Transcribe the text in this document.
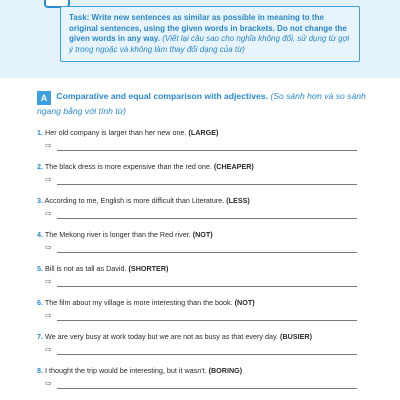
Task: Write new sentences as similar as possible in meaning to the original sentences, using the given words in brackets. Do not change the given words in any way. (Viết lại câu sao cho nghĩa không đổi, sử dụng từ gợi ý trong ngoặc và không làm thay đổi dạng của từ)
A Comparative and equal comparison with adjectives. (So sánh hơn và so sánh ngang bằng với tính từ)
1. Her old company is larger than her new one. (LARGE)
⇨
2. The black dress is more expensive than the red one. (CHEAPER)
⇨
3. According to me, English is more difficult than Literature. (LESS)
⇨
4. The Mekong river is longer than the Red river. (NOT)
⇨
5. Bill is not as tall as David. (SHORTER)
⇨
6. The film about my village is more interesting than the book. (NOT)
⇨
7. We are very busy at work today but we are not as busy as that every day. (BUSIER)
⇨
8. I thought the trip would be interesting, but it wasn't. (BORING)
⇨
